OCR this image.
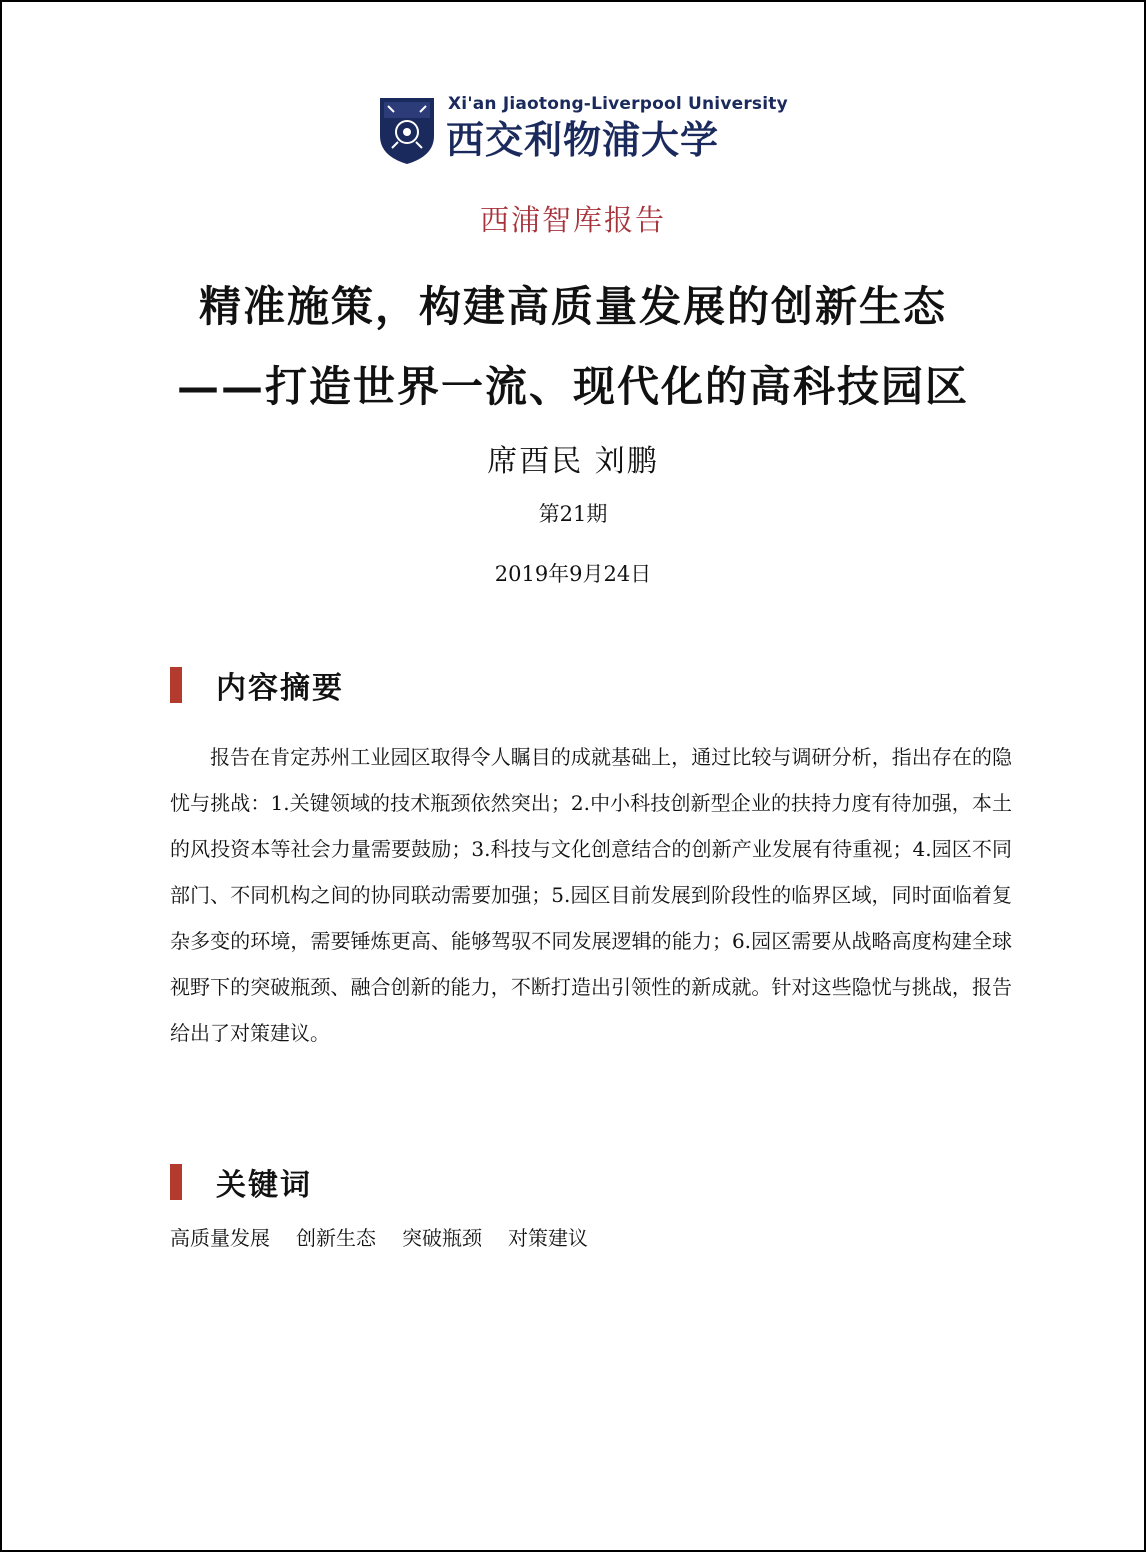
Xi'an Jiaotong-Liverpool University
西交利物浦大学
西浦智库报告
精准施策，构建高质量发展的创新生态
——打造世界一流、现代化的高科技园区
席酉民 刘鹏
第21期
2019年9月24日
内容摘要

报告在肯定苏州工业园区取得令人瞩目的成就基础上，通过比较与调研分析，指出存在的隐忧与挑战：1.关键领域的技术瓶颈依然突出；2.中小科技创新型企业的扶持力度有待加强，本土的风投资本等社会力量需要鼓励；3.科技与文化创意结合的创新产业发展有待重视；4.园区不同部门、不同机构之间的协同联动需要加强；5.园区目前发展到阶段性的临界区域，同时面临着复杂多变的环境，需要锤炼更高、能够驾驭不同发展逻辑的能力；6.园区需要从战略高度构建全球视野下的突破瓶颈、融合创新的能力，不断打造出引领性的新成就。针对这些隐忧与挑战，报告给出了对策建议。

关键词
高质量发展 创新生态 突破瓶颈 对策建议
